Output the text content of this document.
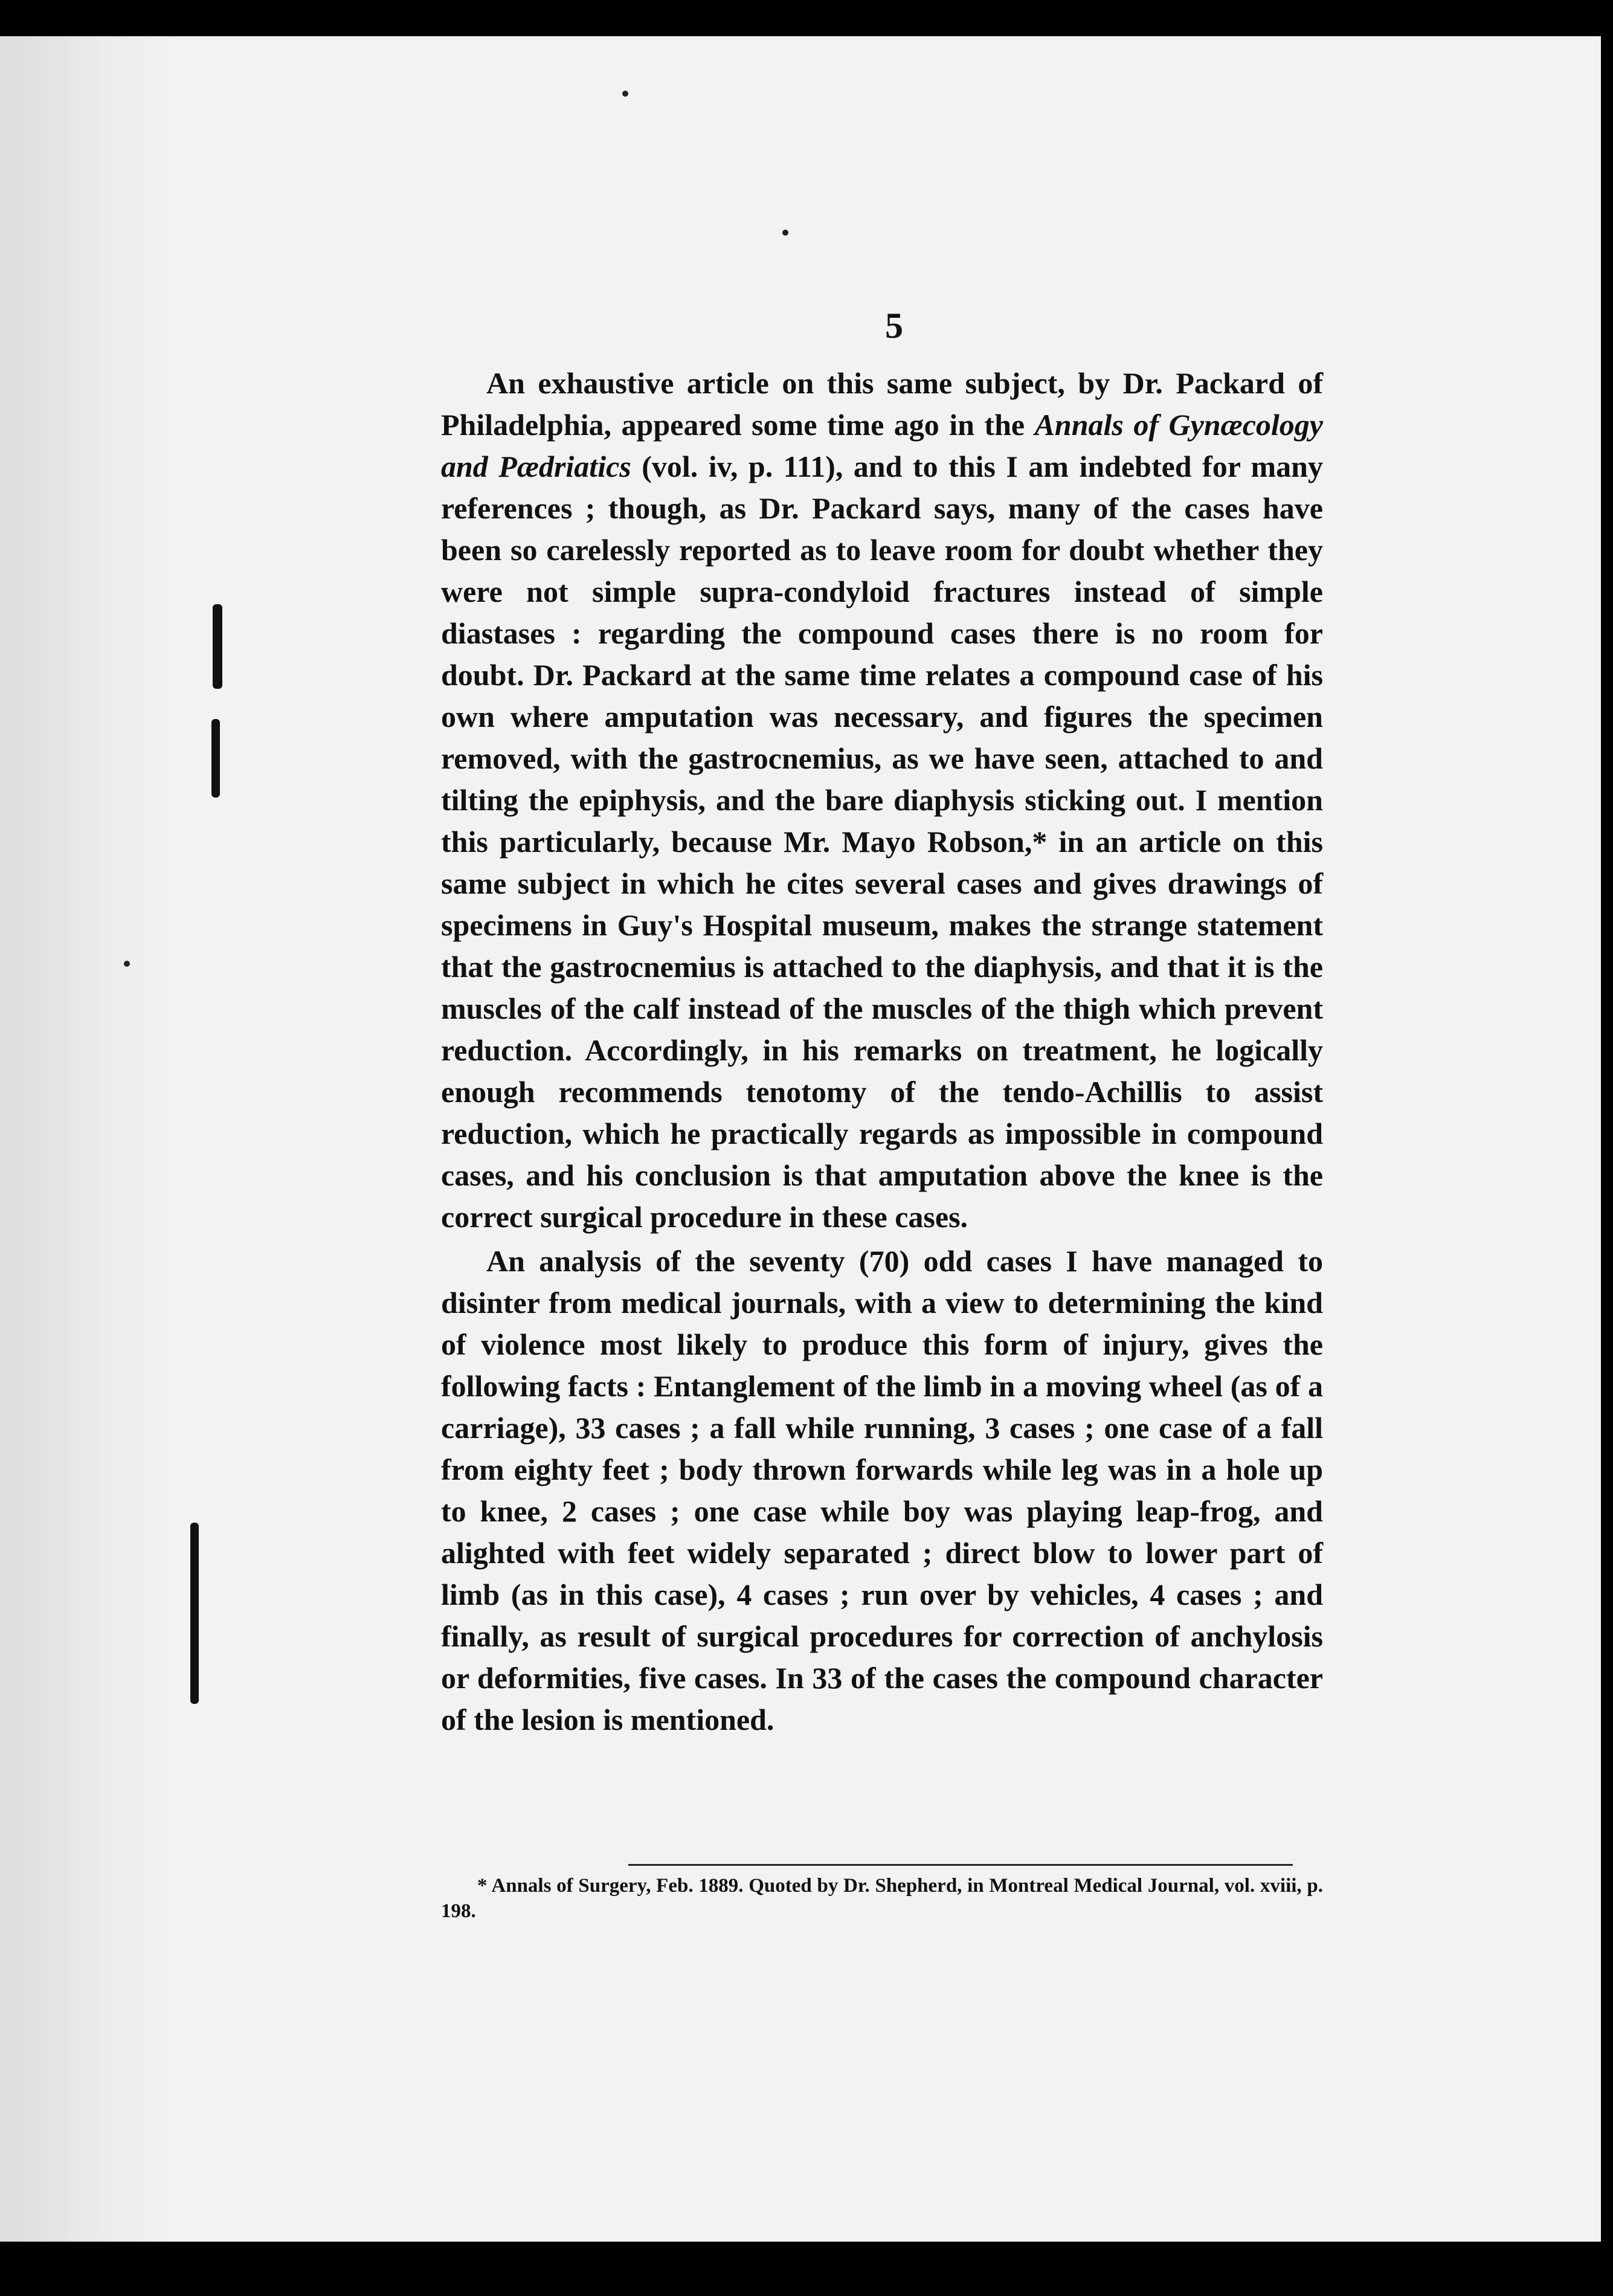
5

An exhaustive article on this same subject, by Dr. Packard of Philadelphia, appeared some time ago in the Annals of Gynæcology and Pædriatics (vol. iv, p. 111), and to this I am indebted for many references ; though, as Dr. Packard says, many of the cases have been so carelessly reported as to leave room for doubt whether they were not simple supra-condyloid fractures instead of simple diastases : regarding the compound cases there is no room for doubt. Dr. Packard at the same time relates a compound case of his own where amputation was necessary, and figures the specimen removed, with the gastrocnemius, as we have seen, attached to and tilting the epiphysis, and the bare diaphysis sticking out. I mention this particularly, because Mr. Mayo Robson,* in an article on this same subject in which he cites several cases and gives drawings of specimens in Guy's Hospital museum, makes the strange statement that the gastrocnemius is attached to the diaphysis, and that it is the muscles of the calf instead of the muscles of the thigh which prevent reduction. Accordingly, in his remarks on treatment, he logically enough recommends tenotomy of the tendo-Achillis to assist reduction, which he practically regards as impossible in compound cases, and his conclusion is that amputation above the knee is the correct surgical procedure in these cases.

An analysis of the seventy (70) odd cases I have managed to disinter from medical journals, with a view to determining the kind of violence most likely to produce this form of injury, gives the following facts : Entanglement of the limb in a moving wheel (as of a carriage), 33 cases ; a fall while running, 3 cases ; one case of a fall from eighty feet ; body thrown forwards while leg was in a hole up to knee, 2 cases ; one case while boy was playing leap-frog, and alighted with feet widely separated ; direct blow to lower part of limb (as in this case), 4 cases ; run over by vehicles, 4 cases ; and finally, as result of surgical procedures for correction of anchylosis or deformities, five cases. In 33 of the cases the compound character of the lesion is mentioned.

* Annals of Surgery, Feb. 1889. Quoted by Dr. Shepherd, in Montreal Medical Journal, vol. xviii, p. 198.
